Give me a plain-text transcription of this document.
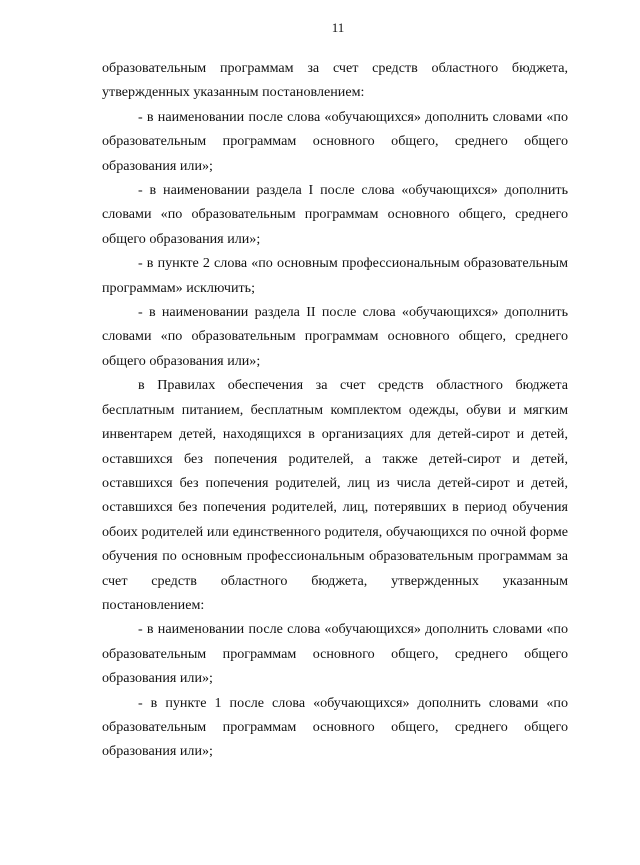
11

образовательным программам за счет средств областного бюджета, утвержденных указанным постановлением:

- в наименовании после слова «обучающихся» дополнить словами «по образовательным программам основного общего, среднего общего образования или»;

- в наименовании раздела I после слова «обучающихся» дополнить словами «по образовательным программам основного общего, среднего общего образования или»;

- в пункте 2 слова «по основным профессиональным образовательным программам» исключить;

- в наименовании раздела II после слова «обучающихся» дополнить словами «по образовательным программам основного общего, среднего общего образования или»;

в Правилах обеспечения за счет средств областного бюджета бесплатным питанием, бесплатным комплектом одежды, обуви и мягким инвентарем детей, находящихся в организациях для детей-сирот и детей, оставшихся без попечения родителей, а также детей-сирот и детей, оставшихся без попечения родителей, лиц из числа детей-сирот и детей, оставшихся без попечения родителей, лиц, потерявших в период обучения обоих родителей или единственного родителя, обучающихся по очной форме обучения по основным профессиональным образовательным программам за счет средств областного бюджета, утвержденных указанным постановлением:

- в наименовании после слова «обучающихся» дополнить словами «по образовательным программам основного общего, среднего общего образования или»;

- в пункте 1 после слова «обучающихся» дополнить словами «по образовательным программам основного общего, среднего общего образования или»;
